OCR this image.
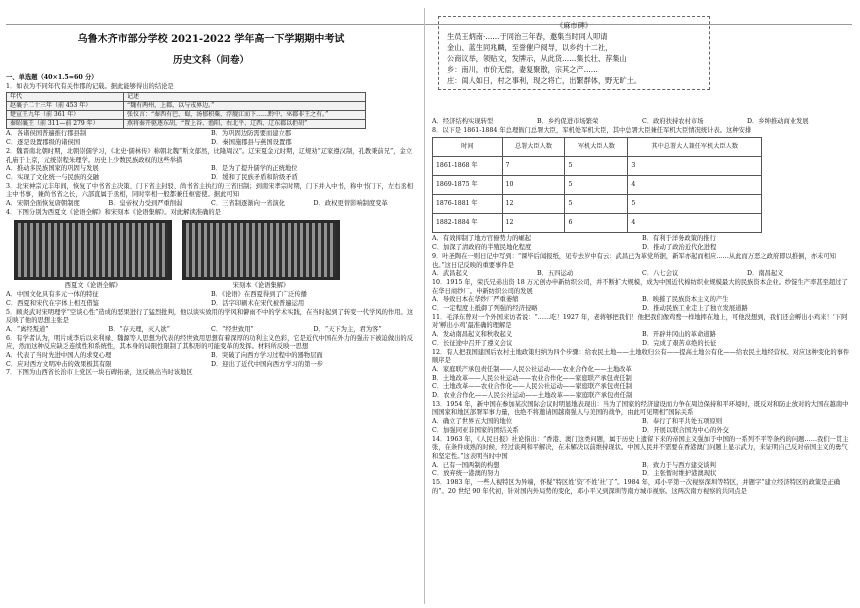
乌鲁木齐市部分学校 2021-2022 学年高一下学期期中考试
历史文科（问卷）

一、单选题（40×1.5=60 分）

1．如表为不同年代有关作郡的记载。据此能够得出的结论是

年代	记述
赵襄子二十三年（前 453 年）	“魏有两州，上郡，以与戎界边。”
楚宣王九年（前 361 年）	张仪言：“秦西有巴、蜀，汤郁积粟，浮舰江而下……黔中、巫郡非王之有。”
秦昭襄王（前 311—前 279 年）	燕将秦开驱逐东胡，“置上谷、渔阳、右北平、辽西、辽东郡以拒胡”
A．各诸侯国普遍推行郡县制	B．为巩固边防需要而建立郡
C．逐是设置郡级的诸侯国	D．秦国施郡县与燕国设置郡

2．魏晋南北朝时期，北朝崇儒学习，《北史·儒林传》称朝北魏“斯文郁然，比隆周汉”。辽宋夏金元时期，辽规劝“辽家遵汉制，孔教秉前兄”，金立孔庙于上京，元统崇程朱理学。历史上少数民族政权的这些举措

A．推动多民族国家的巩固与发展	B．是为了提升儒学的正统地位
C．实现了文化统一与民族的交融	D．缓和了民族矛盾和阶级矛盾

3．北宋神宗元丰年间，恢复了中书省主决策、门下省主封驳、尚书省主执行的三省旧制；到南宋孝宗时期，门下并入中书，称中书门下，左右丞相主中书事，兼尚书省之长，六部直属于丞相，同时宰相一般都兼任枢密使。据此可知

A．宋朝全面恢复唐朝制度	B．皇帝权力受到严重削弱	C．三省制逐渐向一省演化	D．政权更替影响制度变革

4．下图分别为西夏文《论语全解》和宋刻本《论语集解》。对此解读准确的是

西夏文《论语全解》	宋刻本《论语集解》
A．中国文化具有多元一体的特征	B．《论语》在西夏得到了广泛传播
C．西夏和宋代在字体上相互借鉴	D．活字印刷术在宋代被普遍运用

5．顾炎武对宋明理学“空谈心性”造成的恶果进行了猛烈批判，他以谈实致用的学风和僻雨不中的学术实践，在当时起到了转变一代学风的作用。这反映了他的思想主张是

A．“离经叛道”	B．“存天理，灭人欲”	C．“经世致用”	D．“天下为主，君为客”

6．有学者认为，明片成李后以来利禄、魏源等人思想为代表的经世致用思想有着深厚的功利主义色彩，它是近代中国在外力的强击下被迫做出的反应，然而这种反应缺乏连续性和系统性，其本身的局限性限制了其积形的可能变革的发挥。材料所反映一思想

A．代表了当时先进中国人的求变心理	B．突破了向西方学习过程中的器物层面
C．应对西方文明冲击的效果极其有限	D．迎出了近代中国向西方学习的第一步

7．下图为山西省长治市上党区一块石碑拓录，这反映出当时该地区

《麻市碑》
生员王炳南·……于同治三年春，邀集当时同人叩请
金山、蓝生同兆麟，至誉催户阅导，以乡约十二社，
公商议举，领贴文，发牌示，从此货……集长壮、荐集山
乡：南川，市价无偿，妻复聚散，宗其之产……
庄：闺人如日，村之事利，现之将亡，出繁群体，野无旷土。
A．经济结构实现转型	B．乡约促进市场繁荣	C．政府扶持农村市场	D．乡绅推动商业发展

8．以下是 1861-1884 年总理衙门总署大臣，军机处军机大臣，其中总署大臣兼任军机大臣情况统计表。这种安排

时间	总署大臣人数	军机大臣人数	其中总署大人兼任军机大臣人数
1861-1868 年	7	5	3
1869-1875 年	10	5	4
1876-1881 年	12	5	5
1882-1884 年	12	6	4
A．有效抑制了地方官僚势力的崛起	B．有利于洋务政策的推行
C．加深了清政府的半殖民地化程度	D．推动了政治近代化进程

9．叶圣陶在一则日记中写到：“课毕后闻报纸，见专去岁中有云：武昌已为革党所据，新军亦起而相应……从此而万恶之政府即以推倒，亦未可知也。”这日记反映的重要事件是

A．武昌起义	B．五四运动	C．八七会议	D．南昌起义

10．1915 年，荣氏兄弟出资 18 万元创办申新纺织公司，并不断扩大规模，成为中国近代棉纺织业规模最大的民族资本企业。纱锭生产率甚至超过了在华日商纱厂。申新纺织公司的发展

A．导致日本在华纱厂严重萎缩	B．映摧了民族资本主义的产生
C．一定程度上抵御了列强的经济侵略	D．推动民族工业走上了独立发展道路

11．毛泽东曾对一个外国来访者说：“……吃！1927 年，老蒋够把我们！他把我们像鸡鹜一样地摔在地上，可他没想到，我们还会孵出小鸡来！‘下阿对‘孵出小鸡’最准确的理解是

A．发动南昌起义和秋收起义	B．开辟井冈山的革命道路
C．长征途中召开了遵义会议	D．完成了艰苦卓绝的长征

12．有人把我国建国后农村土地政策归纳为四个步骤：给农民土地——土地收归公有——提高土地公有化——给农民土地经营权。对应这种变化的事件顺序是

A．家庭联产承包责任制——人民公社运动——农业合作化——土地改革

B．土地改革——人民公社运动——农业合作化——家庭联产承包责任制

C．土地改革——农业合作化——人民公社运动——家庭联产承包责任制

D．农业合作化——人民公社运动——土地改革——家庭联产承包责任制

13．1954 年，新中国在参加某次国际会议时明显地表现出：当为了国家的经济建设而力争在周边保持和平环境时，既反对和防止放对的大国在越南中国国家和地区部署军事力量，也绝不将邀请国越南强人与美国的战争，由此可见期相”国际关系

A．确立了世界五大国的地位	B．奉行了和平共处五项原则
C．加强同亚非国家的团结关系	D．开展以联合国为中心的外交

14．1963 年，《人民日报》社论指出：“香港、澳门这类问题，属于历史上遗留下来的帝国主义强加于中国的一系列不平等条约的问题……我们一贯主张，在条件成熟的时候，经过谈判和平解决，在未解决以前维持现状。中国人民并不需要在香港澳门问题上显示武力，来证明自己反对帝国主义的勇气和坚定性。”这表明当时中国

A．已有一国两制的构想	B．致力于与西方建交谈判
C．放弃统一港澳的努力	D．主张暂时维护港澳现状

15．1983 年，一些人视特区为异端，怀疑“特区姓‘资’不姓‘社’了”。1984 年，邓小平第一次视察深圳等特区，并题字“建立经济特区的政策是正确的”。20 世纪 90 年代初，针对国内外局势的变化，邓小平又到深圳等南方城市视察。这两次南方视察的共同点是
